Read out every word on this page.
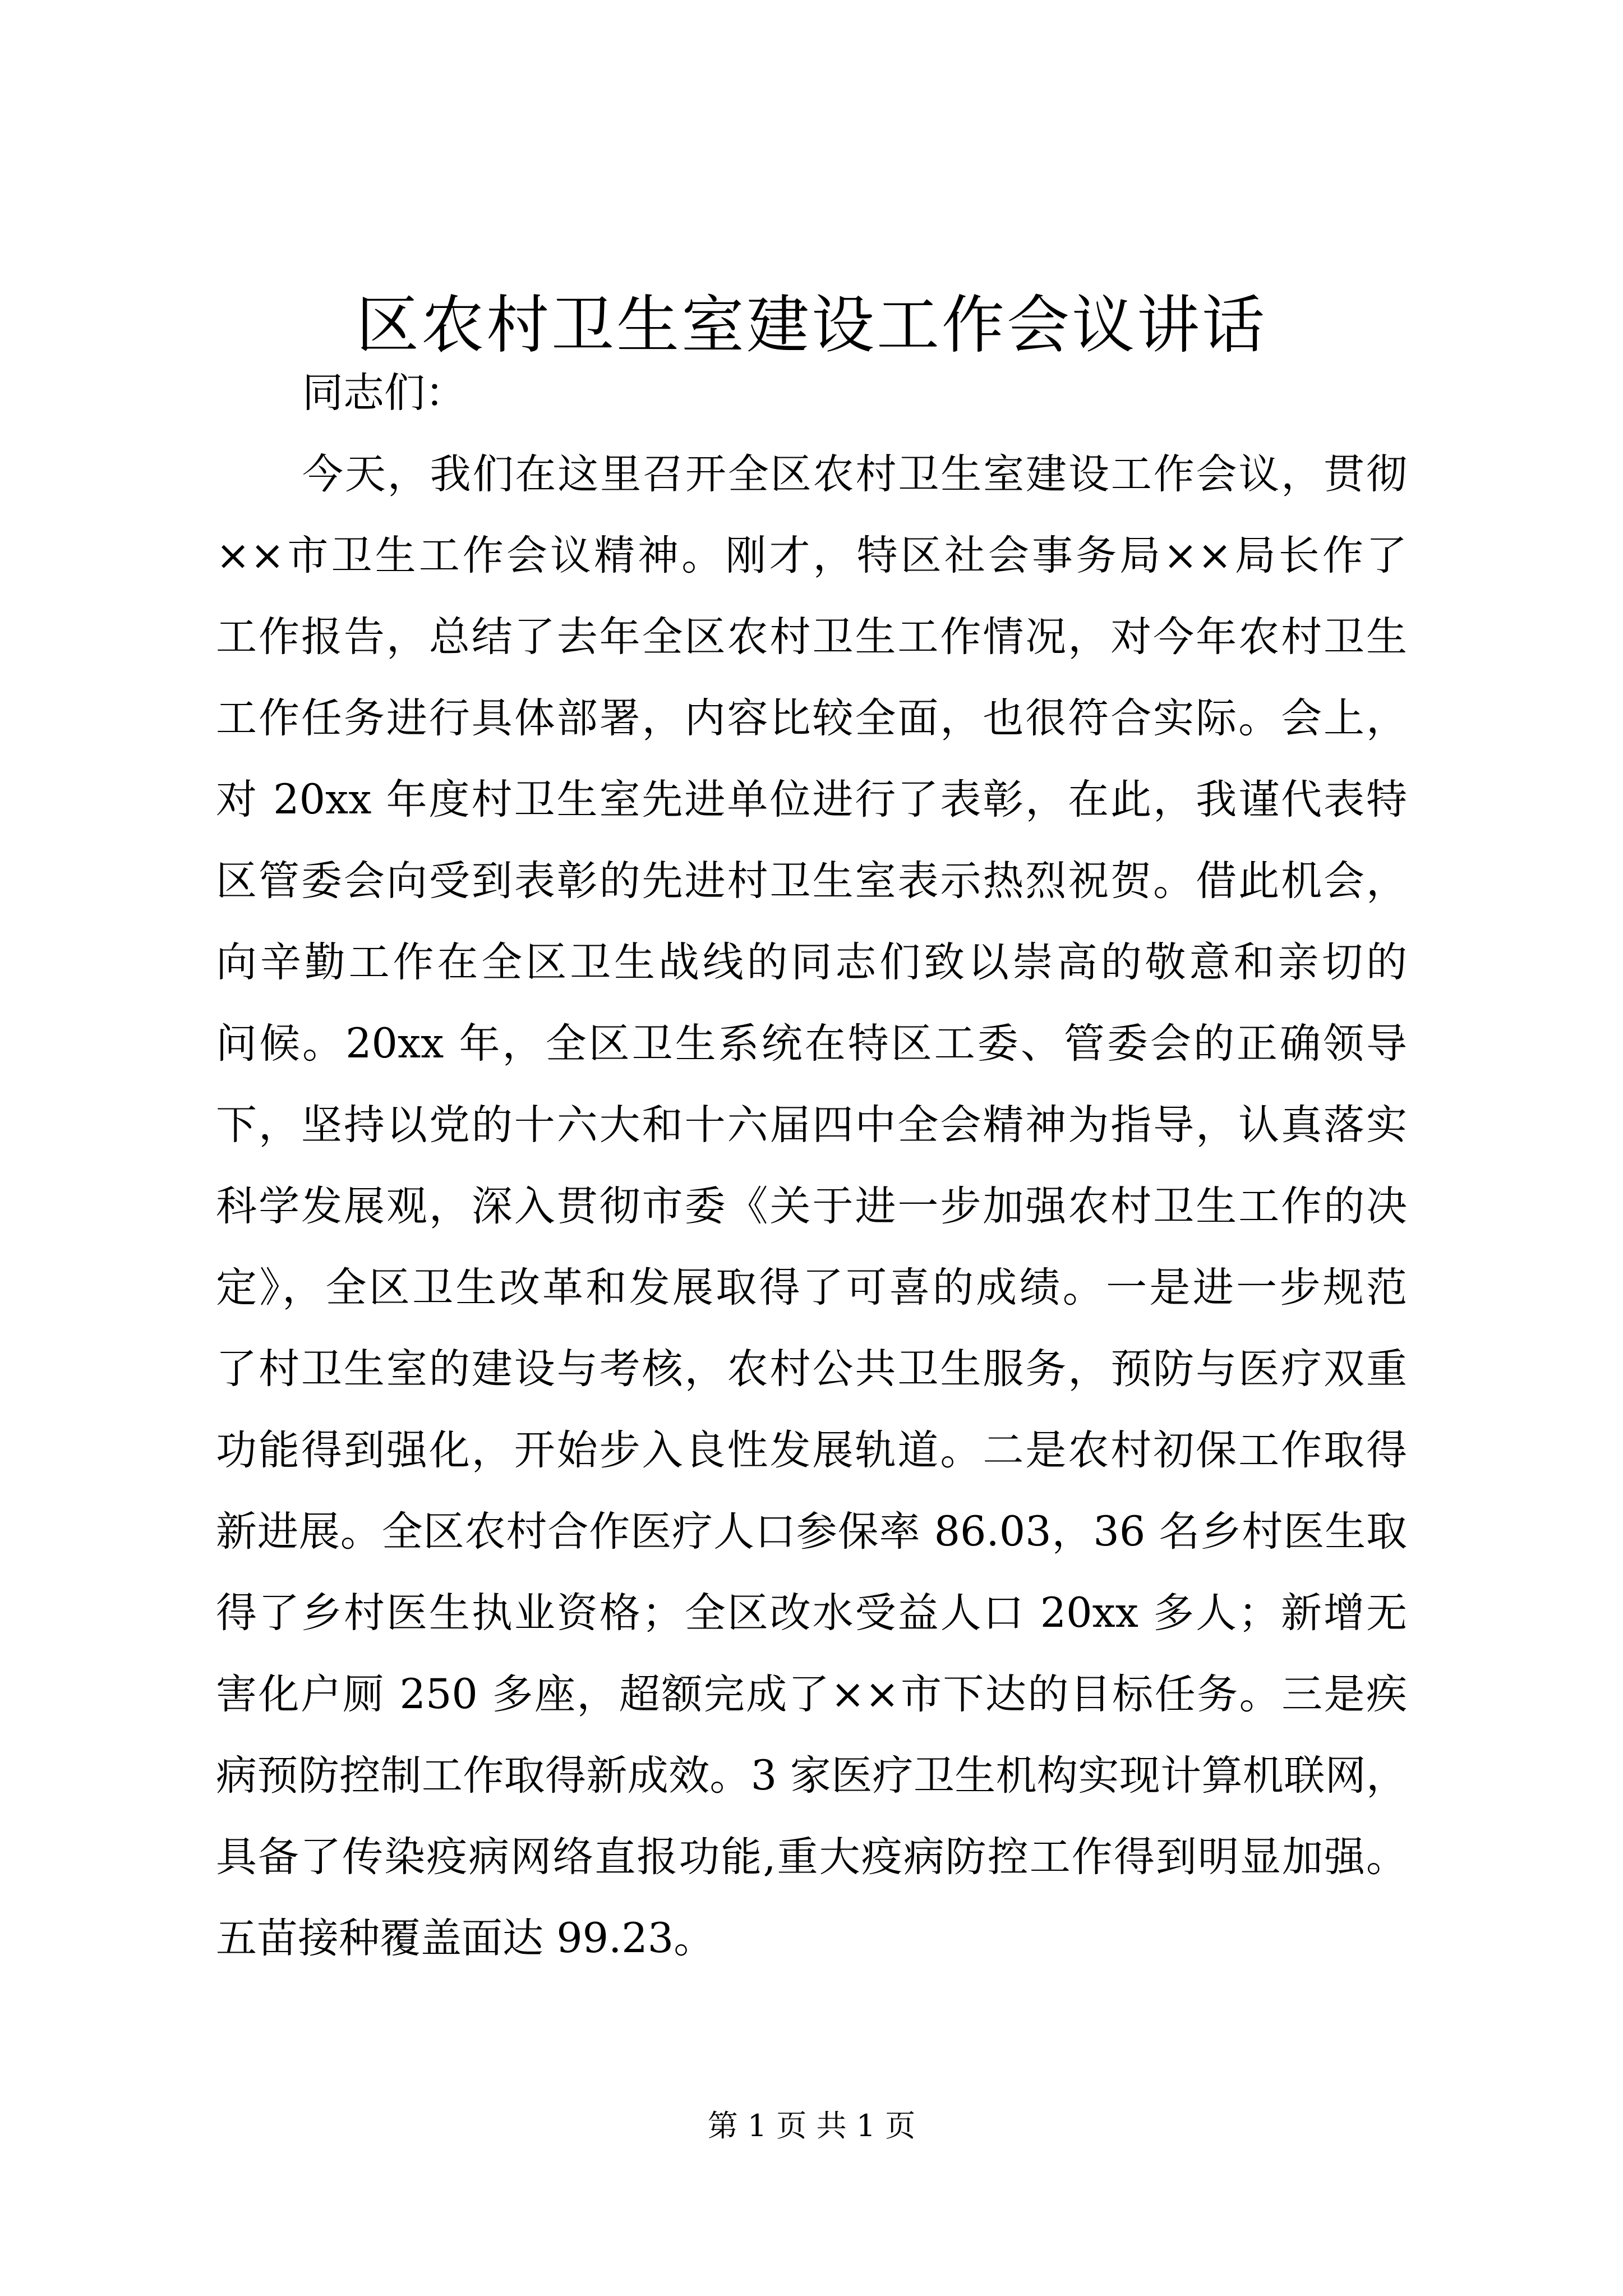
区农村卫生室建设工作会议讲话
同志们：
今天，我们在这里召开全区农村卫生室建设工作会议，贯彻
××市卫生工作会议精神。刚才，特区社会事务局××局长作了
工作报告，总结了去年全区农村卫生工作情况，对今年农村卫生
工作任务进行具体部署，内容比较全面，也很符合实际。会上，
对 20xx 年度村卫生室先进单位进行了表彰，在此，我谨代表特
区管委会向受到表彰的先进村卫生室表示热烈祝贺。借此机会，
向辛勤工作在全区卫生战线的同志们致以崇高的敬意和亲切的
问候。20xx 年，全区卫生系统在特区工委、管委会的正确领导
下，坚持以党的十六大和十六届四中全会精神为指导，认真落实
科学发展观，深入贯彻市委《关于进一步加强农村卫生工作的决
定》，全区卫生改革和发展取得了可喜的成绩。一是进一步规范
了村卫生室的建设与考核，农村公共卫生服务，预防与医疗双重
功能得到强化，开始步入良性发展轨道。二是农村初保工作取得
新进展。全区农村合作医疗人口参保率 86.03，36 名乡村医生取
得了乡村医生执业资格；全区改水受益人口 20xx 多人；新增无
害化户厕 250 多座，超额完成了××市下达的目标任务。三是疾
病预防控制工作取得新成效。3 家医疗卫生机构实现计算机联网，
具备了传染疫病网络直报功能,重大疫病防控工作得到明显加强。
五苗接种覆盖面达 99.23。
第 1 页 共 1 页
